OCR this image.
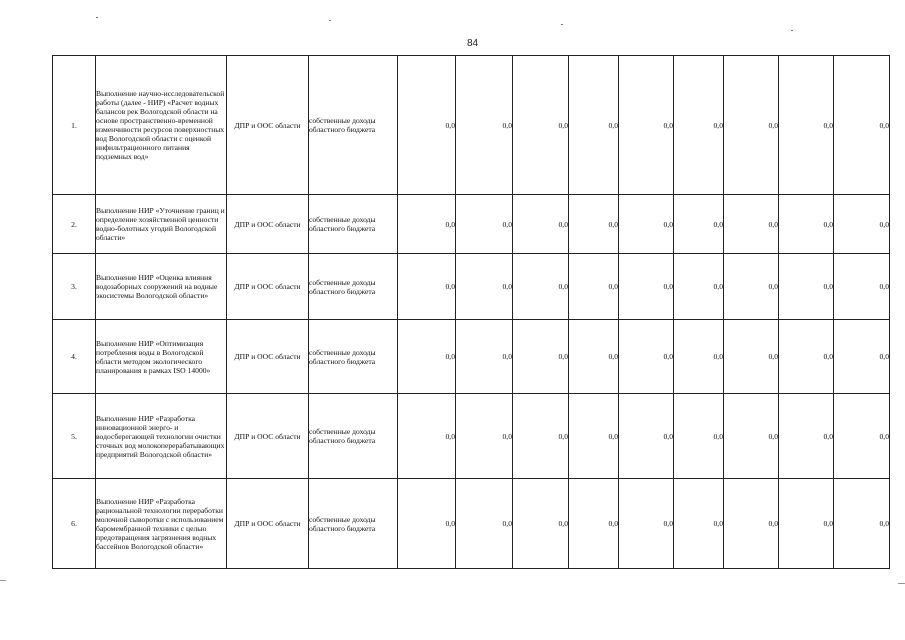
84
1.	Выполнение научно-исследовательской работы (далее - НИР) «Расчет водных балансов рек Вологодской области на основе пространственно-временной изменчивости ресурсов поверхностных вод Вологодской области с оценкой инфильтрационного питания подземных вод»	ДПР и ООС области	собственные доходы областного бюджета	0,0	0,0	0,0	0,0	0,0	0,0	0,0	0,0	0,0
2.	Выполнение НИР «Уточнение границ и определение хозяйственной ценности водно-болотных угодий Вологодской области»	ДПР и ООС области	собственные доходы областного бюджета	0,0	0,0	0,0	0,0	0,0	0,0	0,0	0,0	0,0
3.	Выполнение НИР «Оценка влияния водозаборных сооружений на водные экосистемы Вологодской области»	ДПР и ООС области	собственные доходы областного бюджета	0,0	0,0	0,0	0,0	0,0	0,0	0,0	0,0	0,0
4.	Выполнение НИР «Оптимизация потребления воды в Вологодской области методом экологического планирования в рамках ISO 14000»	ДПР и ООС области	собственные доходы областного бюджета	0,0	0,0	0,0	0,0	0,0	0,0	0,0	0,0	0,0
5.	Выполнение НИР «Разработка инновационной энерго- и водосберегающей технологии очистки сточных вод молокоперерабатывающих предприятий Вологодской области»	ДПР и ООС области	собственные доходы областного бюджета	0,0	0,0	0,0	0,0	0,0	0,0	0,0	0,0	0,0
6.	Выполнение НИР «Разработка рациональной технологии переработки молочной сыворотки с использованием баромембранной техники с целью предотвращения загрязнения водных бассейнов Вологодской области»	ДПР и ООС области	собственные доходы областного бюджета	0,0	0,0	0,0	0,0	0,0	0,0	0,0	0,0	0,0
